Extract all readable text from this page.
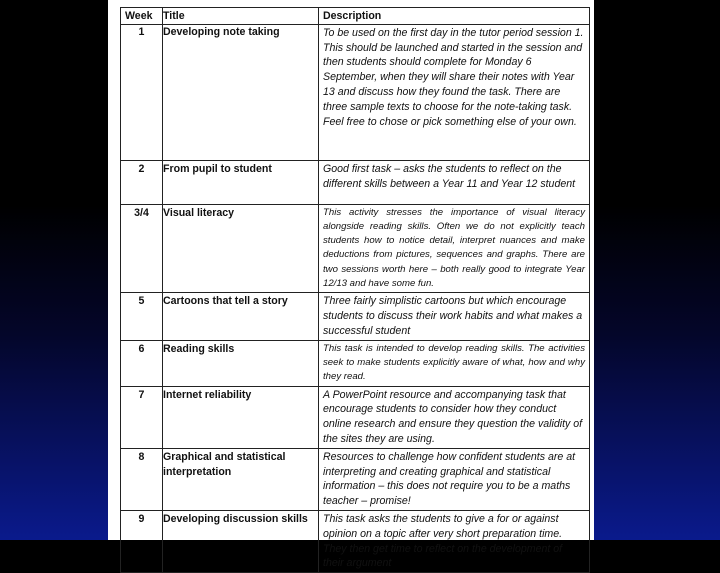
Week	Title	Description
1	Developing note taking	To be used on the first day in the tutor period session 1. This should be launched and started in the session and then students should complete for Monday 6 September, when they will share their notes with Year 13 and discuss how they found the task. There are three sample texts to choose for the note-taking task. Feel free to chose or pick something else of your own.
2	From pupil to student	Good first task – asks the students to reflect on the different skills between a Year 11 and Year 12 student
3/4	Visual literacy	This activity stresses the importance of visual literacy alongside reading skills. Often we do not explicitly teach students how to notice detail, interpret nuances and make deductions from pictures, sequences and graphs. There are two sessions worth here – both really good to integrate Year 12/13 and have some fun.
5	Cartoons that tell a story	Three fairly simplistic cartoons but which encourage students to discuss their work habits and what makes a successful student
6	Reading skills	This task is intended to develop reading skills. The activities seek to make students explicitly aware of what, how and why they read.
7	Internet reliability	A PowerPoint resource and accompanying task that encourage students to consider how they conduct online research and ensure they question the validity of the sites they are using.
8	Graphical and statistical interpretation	Resources to challenge how confident students are at interpreting and creating graphical and statistical information – this does not require you to be a maths teacher – promise!
9	Developing discussion skills	This task asks the students to give a for or against opinion on a topic after very short preparation time. They then get time to reflect on the development of their argument
